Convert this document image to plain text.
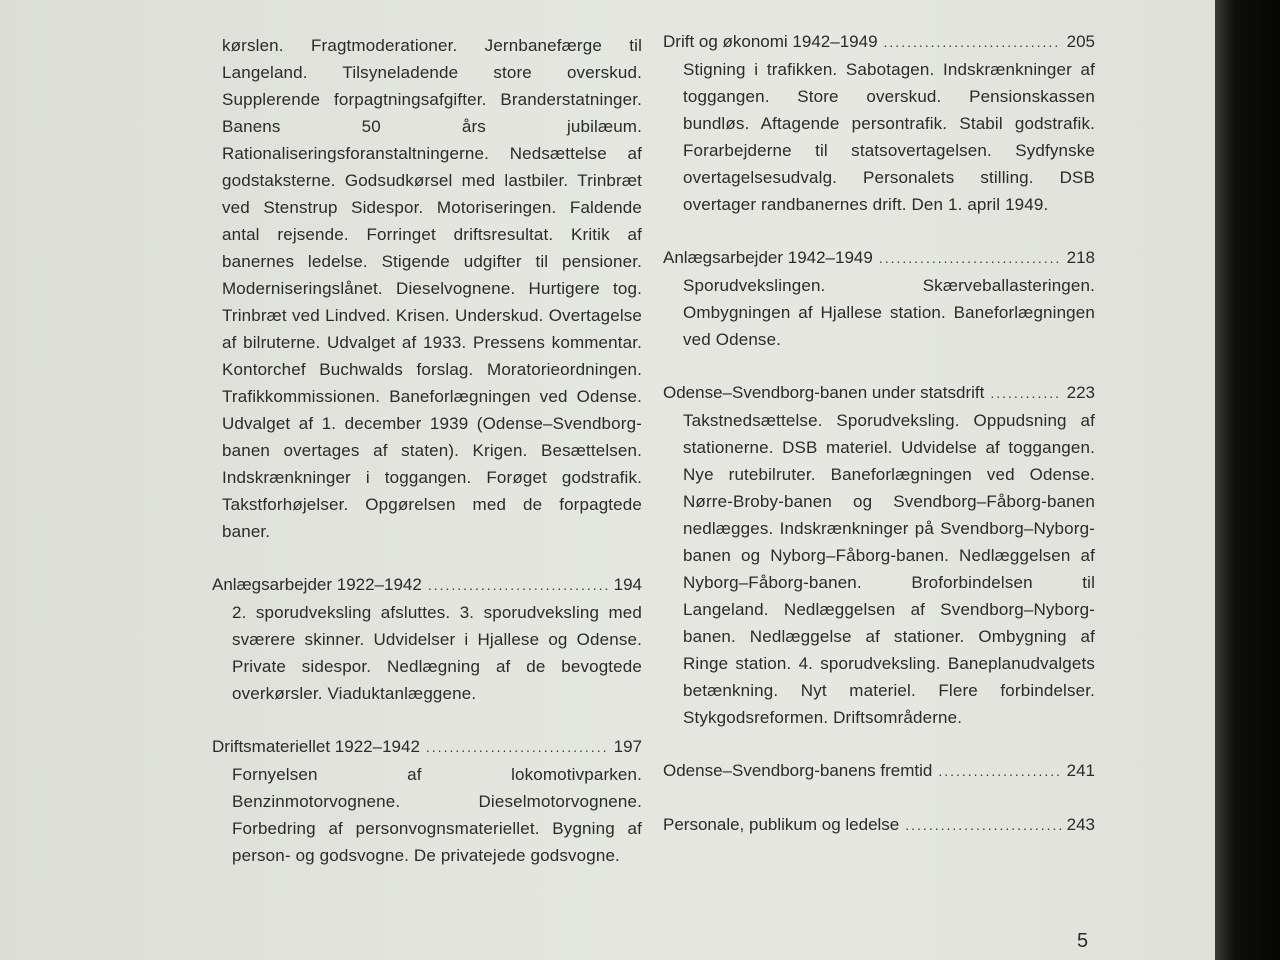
kørslen. Fragtmoderationer. Jernbanefærge til Langeland. Tilsyneladende store overskud. Supplerende forpagtningsafgifter. Branderstatninger. Banens 50 års jubilæum. Rationaliseringsforanstaltningerne. Nedsættelse af godstaksterne. Godsudkørsel med lastbiler. Trinbræt ved Stenstrup Sidespor. Motoriseringen. Faldende antal rejsende. Forringet driftsresultat. Kritik af banernes ledelse. Stigende udgifter til pensioner. Moderniseringslånet. Dieselvognene. Hurtigere tog. Trinbræt ved Lindved. Krisen. Underskud. Overtagelse af bilruterne. Udvalget af 1933. Pressens kommentar. Kontorchef Buchwalds forslag. Moratorieordningen. Trafikkommissionen. Baneforlægningen ved Odense. Udvalget af 1. december 1939 (Odense–Svendborg-banen overtages af staten). Krigen. Besættelsen. Indskrænkninger i toggangen. Forøget godstrafik. Takstforhøjelser. Opgørelsen med de forpagtede baner.
Anlægsarbejder 1922–1942 .....	194
2. sporudveksling afsluttes. 3. sporudveksling med sværere skinner. Udvidelser i Hjallese og Odense. Private sidespor. Nedlægning af de bevogtede overkørsler. Viaduktanlæggene.
Driftsmateriellet 1922–1942 .....	197
Fornyelsen af lokomotivparken. Benzinmotorvognene. Dieselmotorvognene. Forbedring af personvognsmateriellet. Bygning af person- og godsvogne. De privatejede godsvogne.
Drift og økonomi 1942–1949 .....	205
Stigning i trafikken. Sabotagen. Indskrænkninger af toggangen. Store overskud. Pensionskassen bundløs. Aftagende persontrafik. Stabil godstrafik. Forarbejderne til statsovertagelsen. Sydfynske overtagelsesudvalg. Personalets stilling. DSB overtager randbanernes drift. Den 1. april 1949.
Anlægsarbejder 1942–1949 .....	218
Sporudvekslingen. Skærveballasteringen. Ombygningen af Hjallese station. Baneforlægningen ved Odense.
Odense–Svendborg-banen under statsdrift .....	223
Takstnedsættelse. Sporudveksling. Oppudsning af stationerne. DSB materiel. Udvidelse af toggangen. Nye rutebilruter. Baneforlægningen ved Odense. Nørre-Broby-banen og Svendborg–Fåborg-banen nedlægges. Indskrænkninger på Svendborg–Nyborg-banen og Nyborg–Fåborg-banen. Nedlæggelsen af Nyborg–Fåborg-banen. Broforbindelsen til Langeland. Nedlæggelsen af Svendborg–Nyborg-banen. Nedlæggelse af stationer. Ombygning af Ringe station. 4. sporudveksling. Baneplanudvalgets betænkning. Nyt materiel. Flere forbindelser. Stykgodsreformen. Driftsområderne.
Odense–Svendborg-banens fremtid .....	241
Personale, publikum og ledelse .....	243
5
